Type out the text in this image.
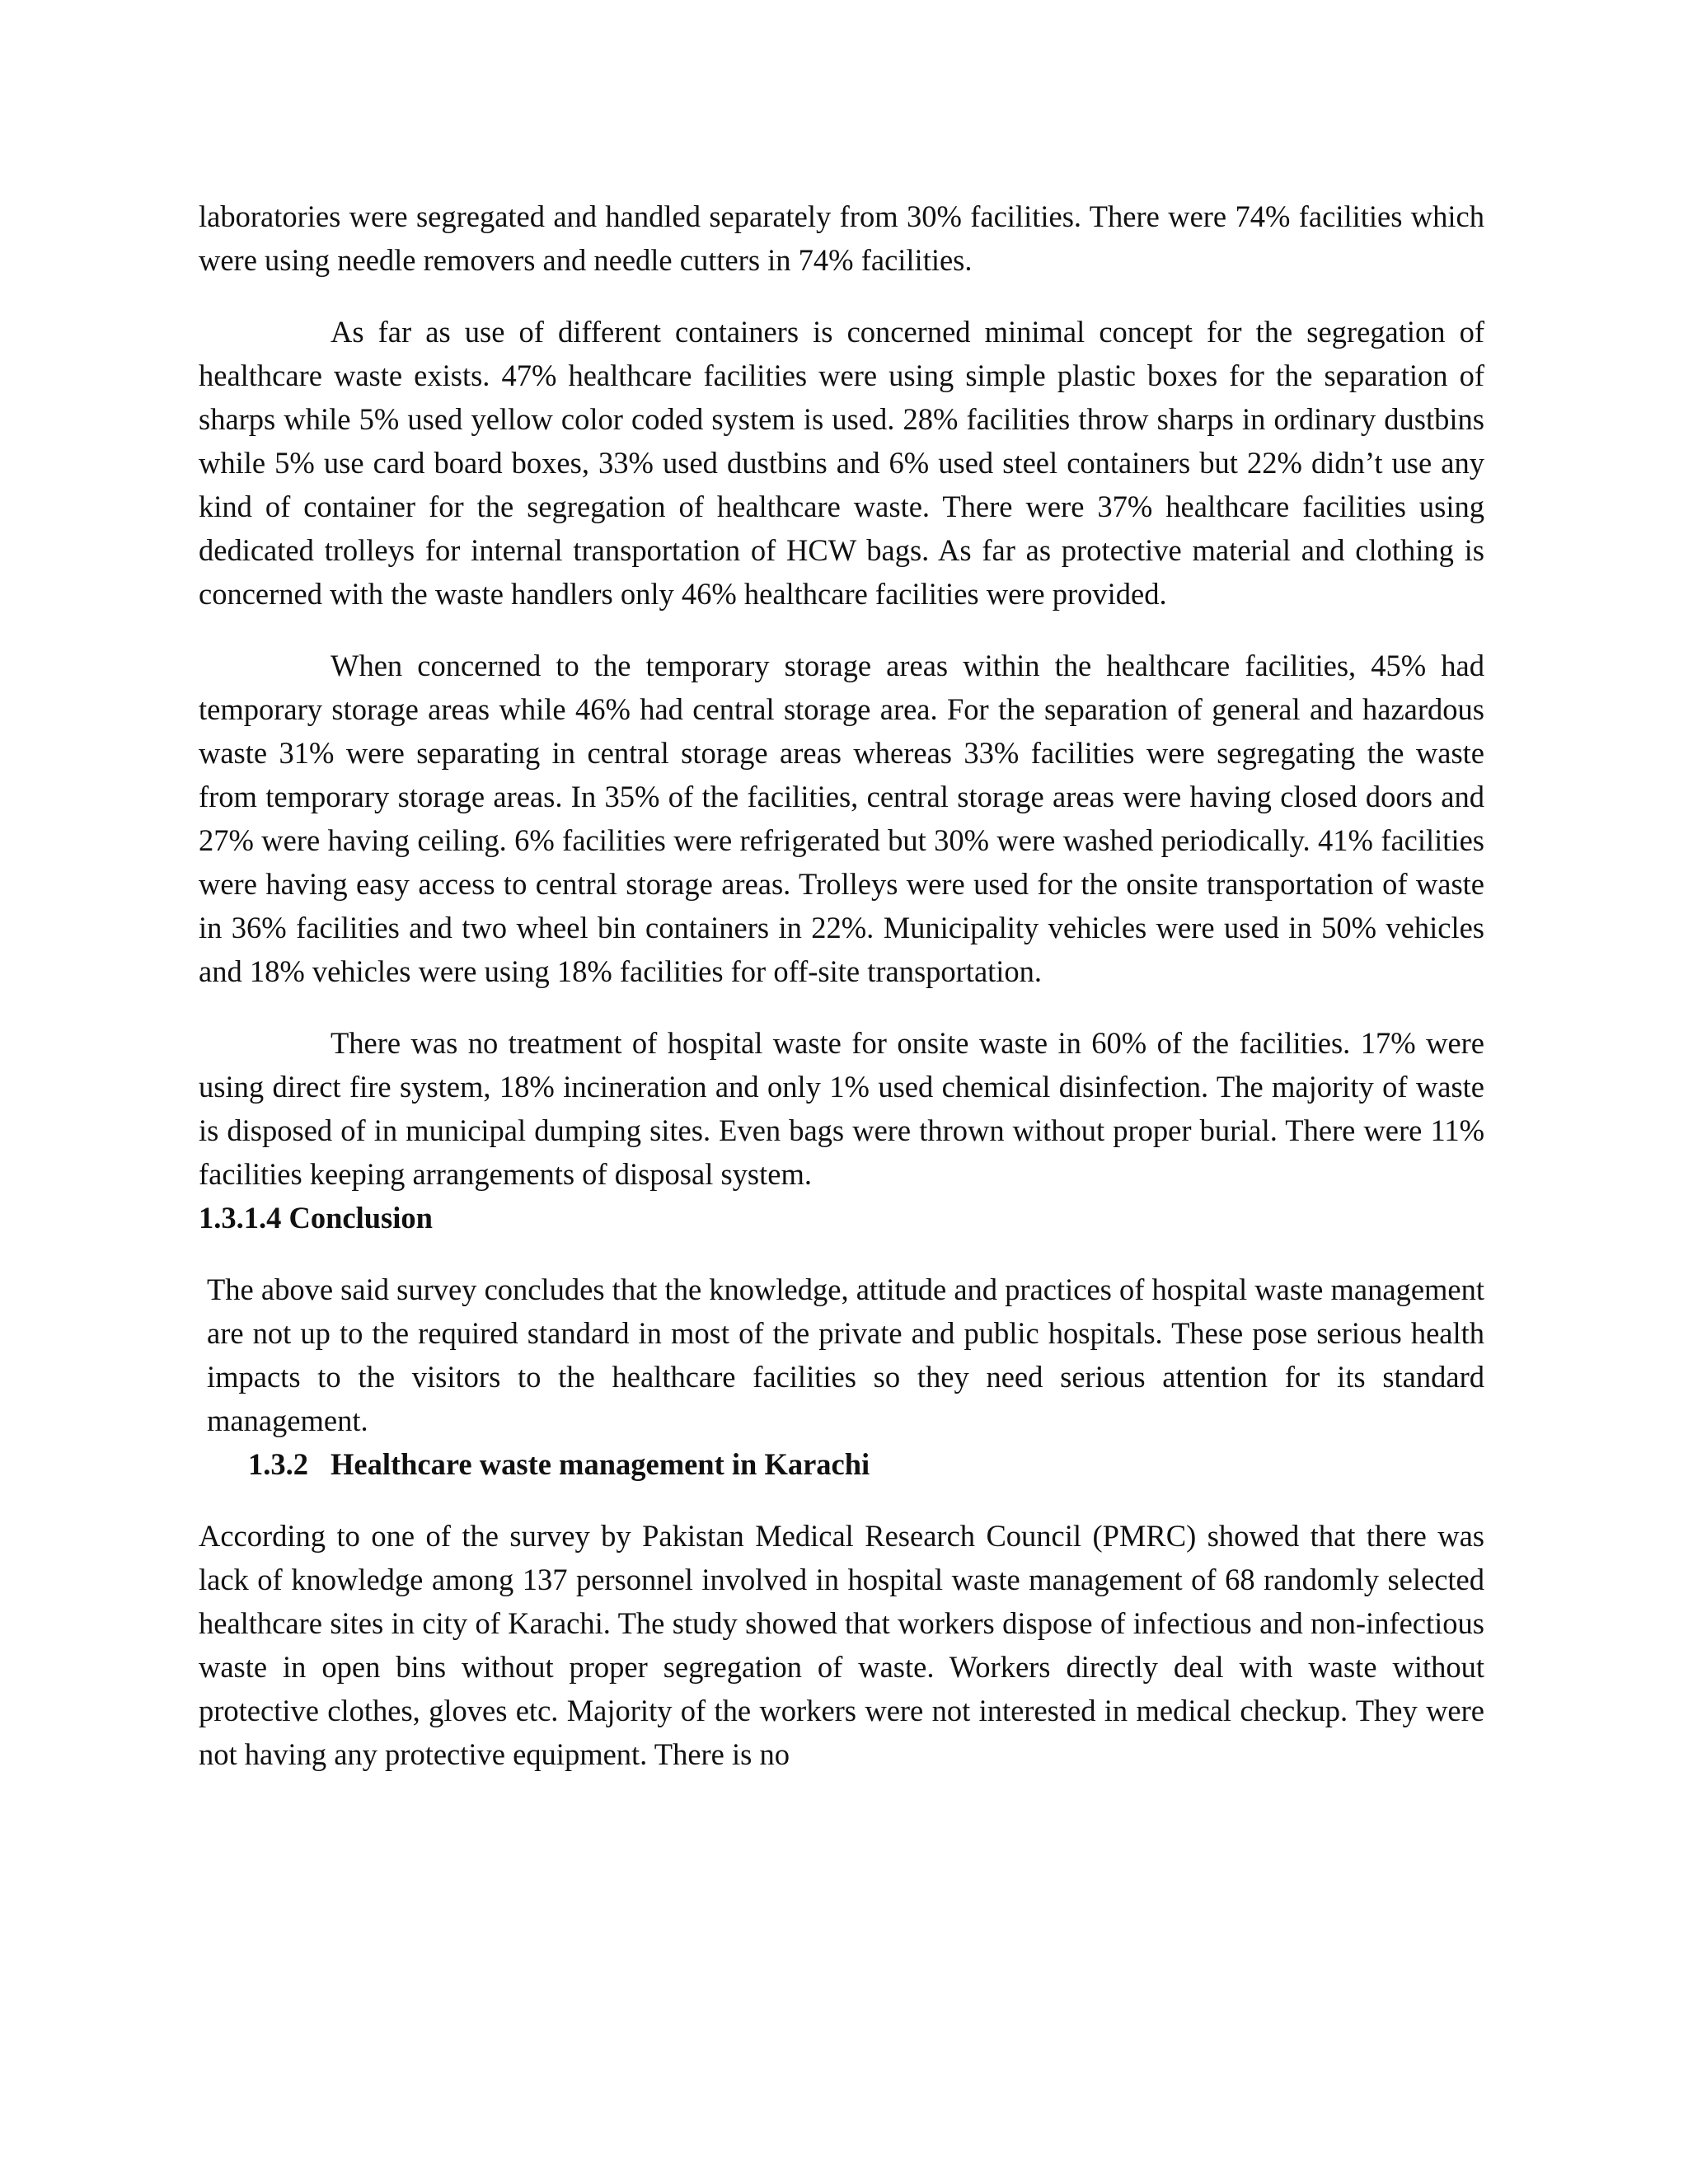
laboratories were segregated and handled separately from 30% facilities. There were 74% facilities which were using needle removers and needle cutters in 74% facilities.

As far as use of different containers is concerned minimal concept for the segregation of healthcare waste exists. 47% healthcare facilities were using simple plastic boxes for the separation of sharps while 5% used yellow color coded system is used. 28% facilities throw sharps in ordinary dustbins while 5% use card board boxes, 33% used dustbins and 6% used steel containers but 22% didn’t use any kind of container for the segregation of healthcare waste. There were 37% healthcare facilities using dedicated trolleys for internal transportation of HCW bags. As far as protective material and clothing is concerned with the waste handlers only 46% healthcare facilities were provided.

When concerned to the temporary storage areas within the healthcare facilities, 45% had temporary storage areas while 46% had central storage area. For the separation of general and hazardous waste 31% were separating in central storage areas whereas 33% facilities were segregating the waste from temporary storage areas. In 35% of the facilities, central storage areas were having closed doors and 27% were having ceiling. 6% facilities were refrigerated but 30% were washed periodically. 41% facilities were having easy access to central storage areas. Trolleys were used for the onsite transportation of waste in 36% facilities and two wheel bin containers in 22%. Municipality vehicles were used in 50% vehicles and 18% vehicles were using 18% facilities for off-site transportation.

There was no treatment of hospital waste for onsite waste in 60% of the facilities. 17% were using direct fire system, 18% incineration and only 1% used chemical disinfection. The majority of waste is disposed of in municipal dumping sites. Even bags were thrown without proper burial. There were 11% facilities keeping arrangements of disposal system.

1.3.1.4 Conclusion

The above said survey concludes that the knowledge, attitude and practices of hospital waste management are not up to the required standard in most of the private and public hospitals. These pose serious health impacts to the visitors to the healthcare facilities so they need serious attention for its standard management.

1.3.2 Healthcare waste management in Karachi

According to one of the survey by Pakistan Medical Research Council (PMRC) showed that there was lack of knowledge among 137 personnel involved in hospital waste management of 68 randomly selected healthcare sites in city of Karachi. The study showed that workers dispose of infectious and non-infectious waste in open bins without proper segregation of waste. Workers directly deal with waste without protective clothes, gloves etc. Majority of the workers were not interested in medical checkup. They were not having any protective equipment. There is no
